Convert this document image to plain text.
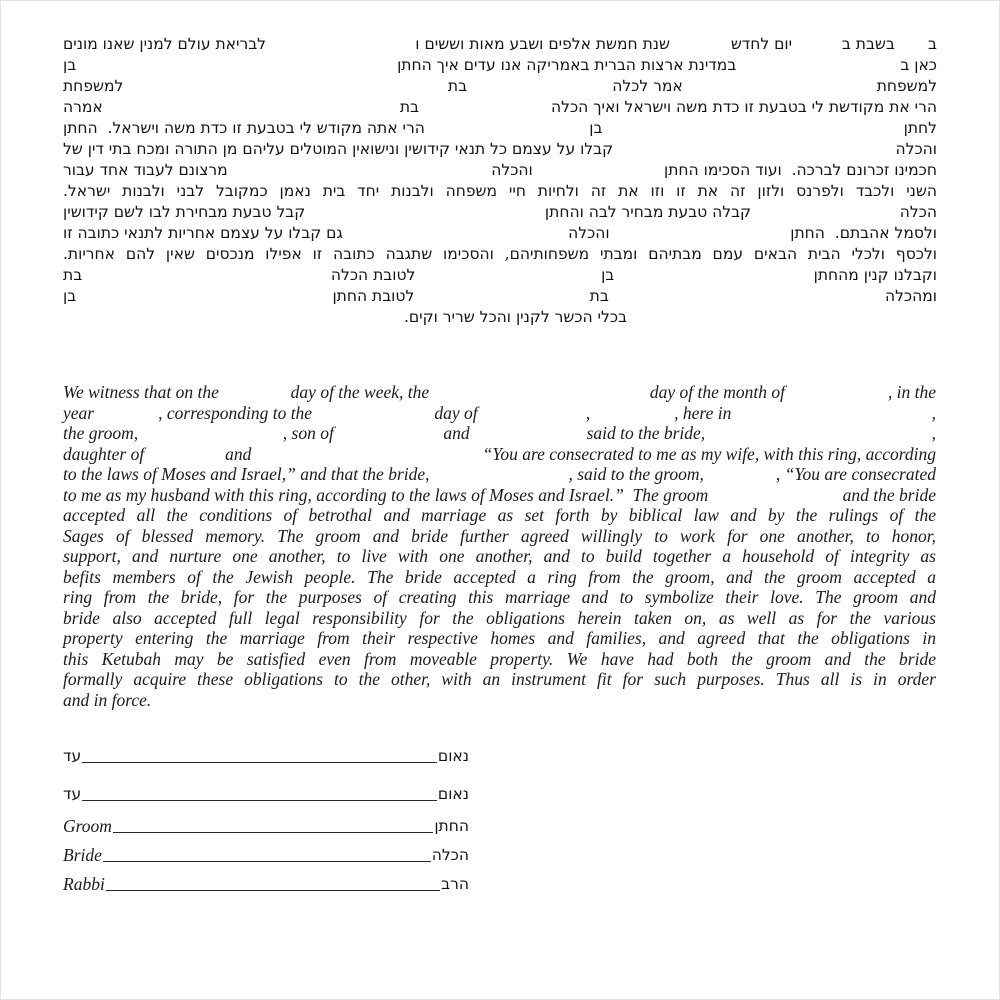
ב
בשבת ב
יום לחדש
שנת חמשת אלפים ושבע מאות וששים ו
לבריאת עולם למנין שאנו מונים
כאן ב
במדינת ארצות הברית באמריקה אנו עדים איך החתן
בן
למשפחת
אמר לכלה
בת
למשפחת
הרי את מקודשת לי בטבעת זו כדת משה וישראל ואיך הכלה
בת
אמרה
לחתן
בן
הרי אתה מקודש לי בטבעת זו כדת משה וישראל.  החתן
והכלה
קבלו על עצמם כל תנאי קידושין ונישואין המוטלים עליהם מן התורה ומכח בתי דין של
חכמינו זכרונם לברכה.  ועוד הסכימו החתן
והכלה
מרצונם לעבוד אחד עבור
השני ולכבד ולפרנס ולזון זה את זו וזו את זה ולחיות חיי משפחה ולבנות יחד בית נאמן כמקובל לבני ולבנות ישראל.
הכלה
קבלה טבעת מבחיר לבה והחתן
קבל טבעת מבחירת לבו לשם קידושין
ולסמל אהבתם.  החתן
והכלה
גם קבלו על עצמם אחריות לתנאי כתובה זו
ולכסף ולכלי הבית הבאים עמם מבתיהם ומבתי משפחותיהם, והסכימו שתגבה כתובה זו אפילו מנכסים שאין להם אחריות.
וקבלנו קנין מהחתן
בן
לטובת הכלה
בת
ומהכלה
בת
לטובת החתן
בן
בכלי הכשר לקנין והכל שריר וקים.
We witness that on the	day of the week, the	day of the month of	, in the
year	, corresponding to the	day of	,	, here in	,
the groom,	, son of	and	said to the bride,	,
daughter of	and	“You are consecrated to me as my wife, with this ring, according
to the laws of Moses and Israel,” and that the bride,	, said to the groom,	, “You are consecrated
to me as my husband with this ring, according to the laws of Moses and Israel.”  The groom	and the bride
accepted all the conditions of betrothal and marriage as set forth by biblical law and by the rulings of the
Sages of blessed memory. The groom and bride further agreed willingly to work for one another, to honor,
support, and nurture one another, to live with one another, and to build together a household of integrity as
befits members of the Jewish people. The bride accepted a ring from the groom, and the groom accepted a
ring from the bride, for the purposes of creating this marriage and to symbolize their love. The groom and
bride also accepted full legal responsibility for the obligations herein taken on, as well as for the various
property entering the marriage from their respective homes and families, and agreed that the obligations in
this Ketubah may be satisfied even from moveable property. We have had both the groom and the bride
formally acquire these obligations to the other, with an instrument fit for such purposes. Thus all is in order
and in force.
עד	נאום
עד	נאום
Groom	החתן
Bride	הכלה
Rabbi	הרב
